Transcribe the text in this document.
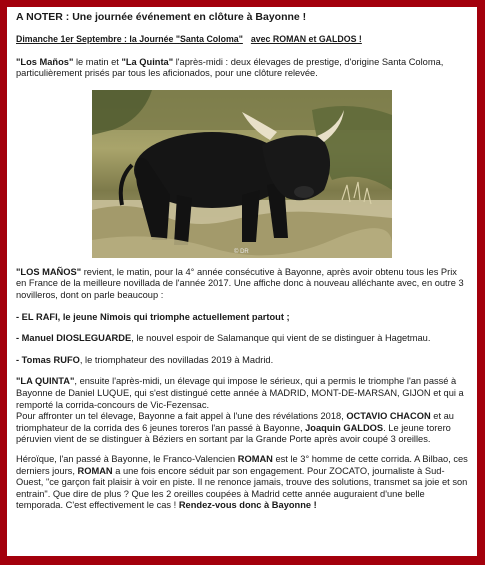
A NOTER : Une journée événement en clôture à Bayonne !

Dimanche 1er Septembre : la Journée "Santa Coloma" avec ROMAN et GALDOS !

"Los Maños" le matin et "La Quinta" l'après-midi : deux élevages de prestige, d'origine Santa Coloma, particulièrement prisés par tous les aficionados, pour une clôture relevée.

© DR

"LOS MAÑOS" revient, le matin, pour la 4° année consécutive à Bayonne, après avoir obtenu tous les Prix en France de la meilleure novillada de l'année 2017. Une affiche donc à nouveau alléchante avec, en outre 3 novilleros, dont on parle beaucoup :

- EL RAFI, le jeune Nîmois qui triomphe actuellement partout ;

- Manuel DIOSLEGUARDE, le nouvel espoir de Salamanque qui vient de se distinguer à Hagetmau.

- Tomas RUFO, le triomphateur des novilladas 2019 à Madrid.

"LA QUINTA", ensuite l'après-midi, un élevage qui impose le sérieux, qui a permis le triomphe l'an passé à Bayonne de Daniel LUQUE, qui s'est distingué cette année à MADRID, MONT-DE-MARSAN, GIJON et qui a remporté la corrida-concours de Vic-Fezensac.

Pour affronter un tel élevage, Bayonne a fait appel à l'une des révélations 2018, OCTAVIO CHACON et au triomphateur de la corrida des 6 jeunes toreros l'an passé à Bayonne, Joaquin GALDOS. Le jeune torero péruvien vient de se distinguer à Béziers en sortant par la Grande Porte après avoir coupé 3 oreilles.

Héroïque, l'an passé à Bayonne, le Franco-Valencien ROMAN est le 3° homme de cette corrida. A Bilbao, ces derniers jours, ROMAN a une fois encore séduit par son engagement. Pour ZOCATO, journaliste à Sud-Ouest, "ce garçon fait plaisir à voir en piste. Il ne renonce jamais, trouve des solutions, transmet sa joie et son entrain". Que dire de plus ? Que les 2 oreilles coupées à Madrid cette année auguraient d'une belle temporada. C'est effectivement le cas ! Rendez-vous donc à Bayonne !
